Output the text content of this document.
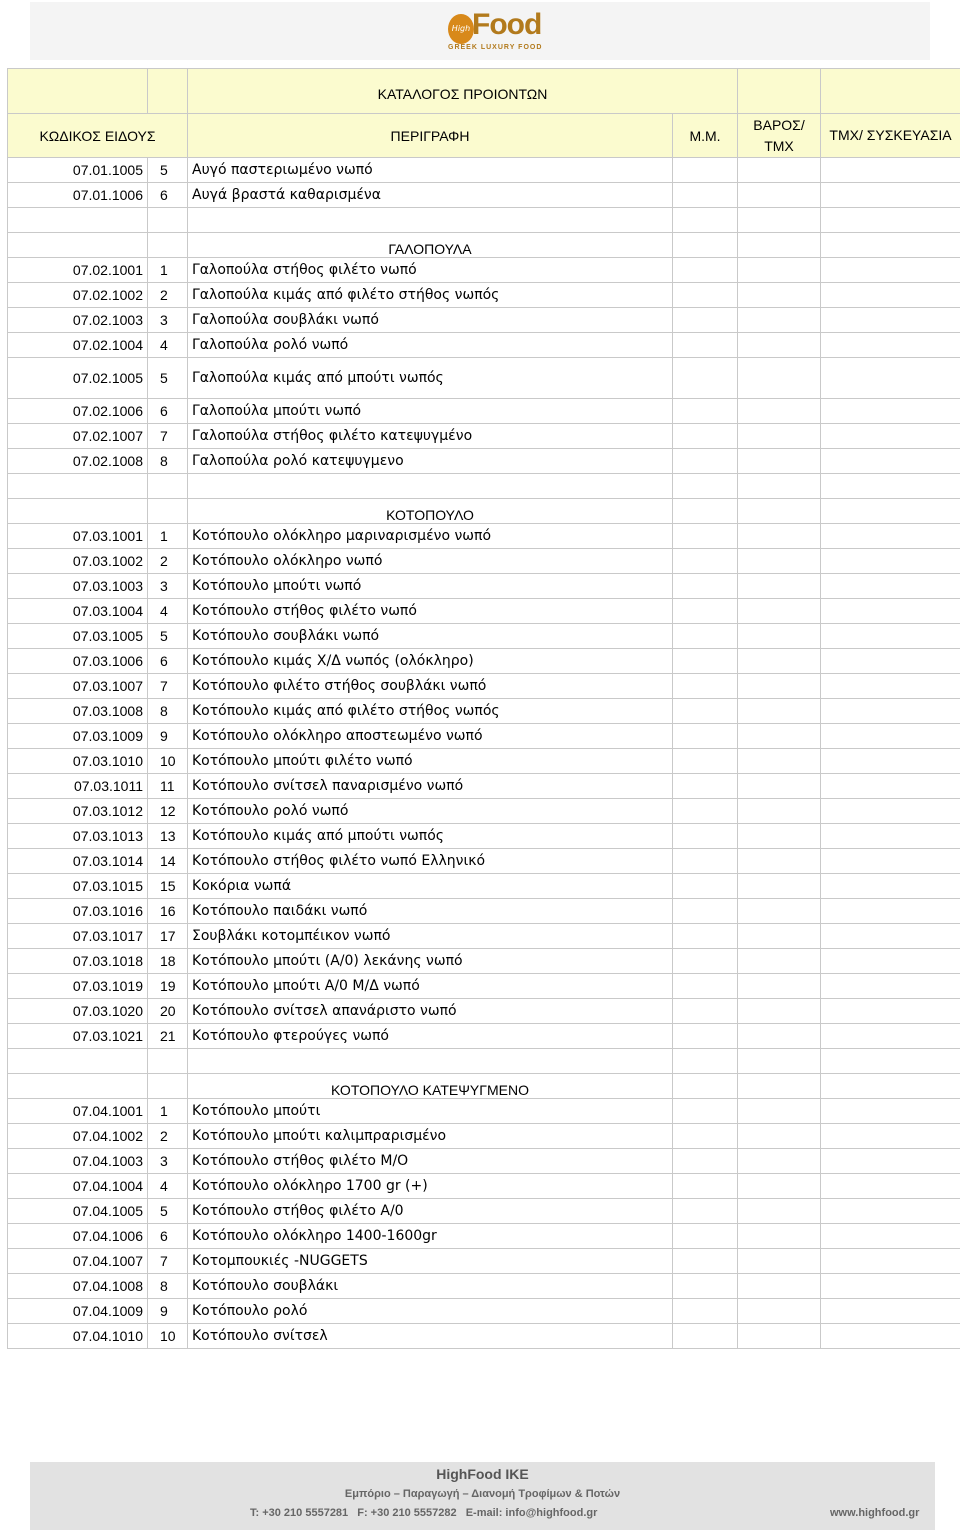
High Food
GREEK LUXURY FOOD
		ΚΑΤΑΛΟΓΟΣ ΠΡΟΙΟΝΤΩΝ			
ΚΩΔΙΚΟΣ ΕΙΔΟΥΣ		ΠΕΡΙΓΡΑΦΗ	Μ.Μ.	ΒΑΡΟΣ/ ΤΜΧ	ΤΜΧ/ ΣΥΣΚΕΥΑΣΙΑ
07.01.1005	5	Αυγό παστεριωμένο νωπό			
07.01.1006	6	Αυγά βραστά καθαρισμένα			

		ΓΑΛΟΠΟΥΛΑ			
07.02.1001	1	Γαλοπούλα στήθος φιλέτο νωπό			
07.02.1002	2	Γαλοπούλα κιμάς από φιλέτο στήθος νωπός			
07.02.1003	3	Γαλοπούλα σουβλάκι νωπό			
07.02.1004	4	Γαλοπούλα ρολό νωπό			
07.02.1005	5	Γαλοπούλα κιμάς από μπούτι νωπός			
07.02.1006	6	Γαλοπούλα μπούτι νωπό			
07.02.1007	7	Γαλοπούλα στήθος φιλέτο κατεψυγμένο			
07.02.1008	8	Γαλοπούλα ρολό κατεψυγμενο			

		ΚΟΤΟΠΟΥΛΟ			
07.03.1001	1	Κοτόπουλο ολόκληρο μαριναρισμένο νωπό			
07.03.1002	2	Κοτόπουλο ολόκληρο νωπό			
07.03.1003	3	Κοτόπουλο μπούτι νωπό			
07.03.1004	4	Κοτόπουλο στήθος φιλέτο νωπό			
07.03.1005	5	Κοτόπουλο σουβλάκι νωπό			
07.03.1006	6	Κοτόπουλο κιμάς Χ/Δ νωπός (ολόκληρο)			
07.03.1007	7	Κοτόπουλο φιλέτο στήθος σουβλάκι νωπό			
07.03.1008	8	Κοτόπουλο κιμάς από φιλέτο στήθος νωπός			
07.03.1009	9	Κοτόπουλο ολόκληρο αποστεωμένο νωπό			
07.03.1010	10	Κοτόπουλο μπούτι φιλέτο νωπό			
07.03.1011	11	Κοτόπουλο σνίτσελ παναρισμένο νωπό			
07.03.1012	12	Κοτόπουλο ρολό νωπό			
07.03.1013	13	Κοτόπουλο κιμάς από μπούτι νωπός			
07.03.1014	14	Κοτόπουλο στήθος φιλέτο νωπό Ελληνικό			
07.03.1015	15	Κοκόρια νωπά			
07.03.1016	16	Κοτόπουλο παιδάκι νωπό			
07.03.1017	17	Σουβλάκι κοτομπέικον νωπό			
07.03.1018	18	Κοτόπουλο μπούτι (Α/0) λεκάνης νωπό			
07.03.1019	19	Κοτόπουλο μπούτι Α/0 Μ/Δ νωπό			
07.03.1020	20	Κοτόπουλο σνίτσελ απανάριστο νωπό			
07.03.1021	21	Κοτόπουλο φτερούγες νωπό			

		ΚΟΤΟΠΟΥΛΟ ΚΑΤΕΨΥΓΜΕΝΟ			
07.04.1001	1	Κοτόπουλο μπούτι			
07.04.1002	2	Κοτόπουλο μπούτι καλιμπραρισμένο			
07.04.1003	3	Κοτόπουλο στήθος φιλέτο Μ/Ο			
07.04.1004	4	Κοτόπουλο ολόκληρο 1700 gr (+)			
07.04.1005	5	Κοτόπουλο στήθος φιλέτο Α/0			
07.04.1006	6	Κοτόπουλο ολόκληρο 1400-1600gr			
07.04.1007	7	Κοτομπουκιές -NUGGETS			
07.04.1008	8	Κοτόπουλο σουβλάκι			
07.04.1009	9	Κοτόπουλο ρολό			
07.04.1010	10	Κοτόπουλο σνίτσελ			
HighFood ΙΚΕ
Εμπόριο – Παραγωγή – Διανομή Τροφίμων & Ποτών
T: +30 210 5557281 F: +30 210 5557282 E-mail: info@highfood.gr	www.highfood.gr
